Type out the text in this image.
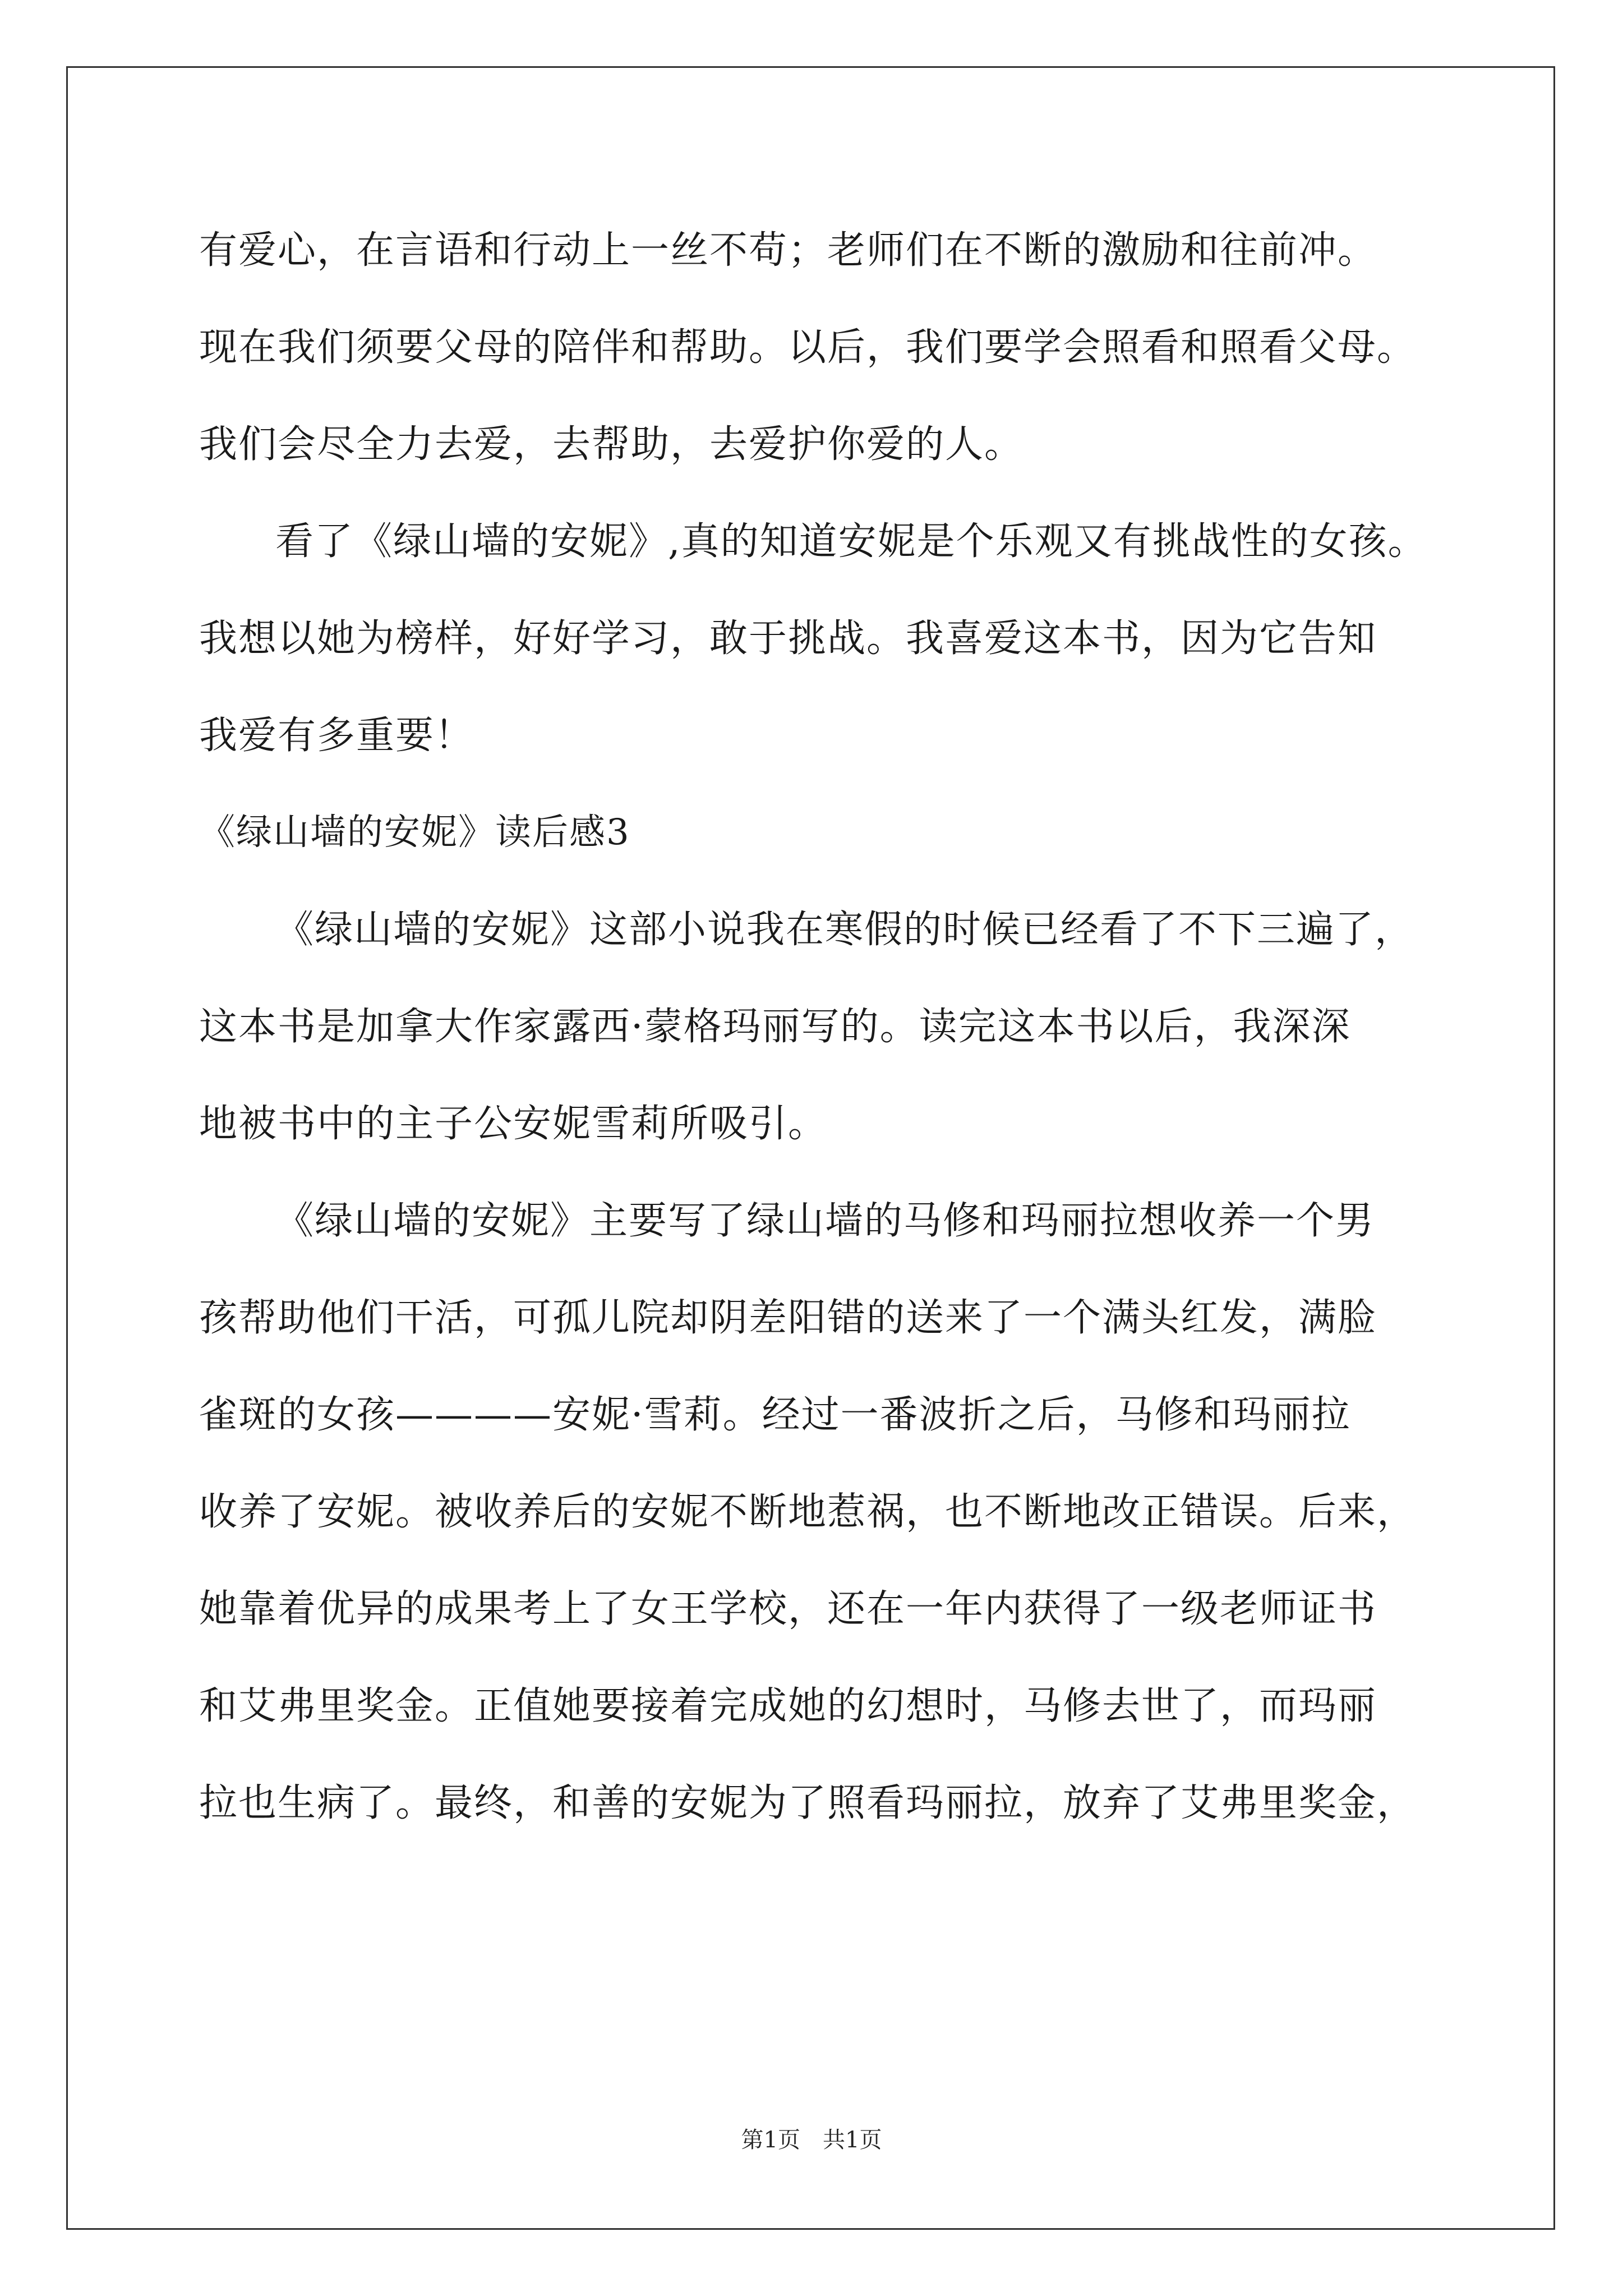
有爱心，在言语和行动上一丝不苟；老师们在不断的激励和往前冲。
现在我们须要父母的陪伴和帮助。以后，我们要学会照看和照看父母。
我们会尽全力去爱，去帮助，去爱护你爱的人。
看了《绿山墙的安妮》,真的知道安妮是个乐观又有挑战性的女孩。
我想以她为榜样，好好学习，敢于挑战。我喜爱这本书，因为它告知
我爱有多重要！
《绿山墙的安妮》读后感3
《绿山墙的安妮》这部小说我在寒假的时候已经看了不下三遍了，
这本书是加拿大作家露西·蒙格玛丽写的。读完这本书以后，我深深
地被书中的主子公安妮雪莉所吸引。
《绿山墙的安妮》主要写了绿山墙的马修和玛丽拉想收养一个男
孩帮助他们干活，可孤儿院却阴差阳错的送来了一个满头红发，满脸
雀斑的女孩————安妮·雪莉。经过一番波折之后，马修和玛丽拉
收养了安妮。被收养后的安妮不断地惹祸，也不断地改正错误。后来，
她靠着优异的成果考上了女王学校，还在一年内获得了一级老师证书
和艾弗里奖金。正值她要接着完成她的幻想时，马修去世了，而玛丽
拉也生病了。最终，和善的安妮为了照看玛丽拉，放弃了艾弗里奖金，
第1页　共1页
